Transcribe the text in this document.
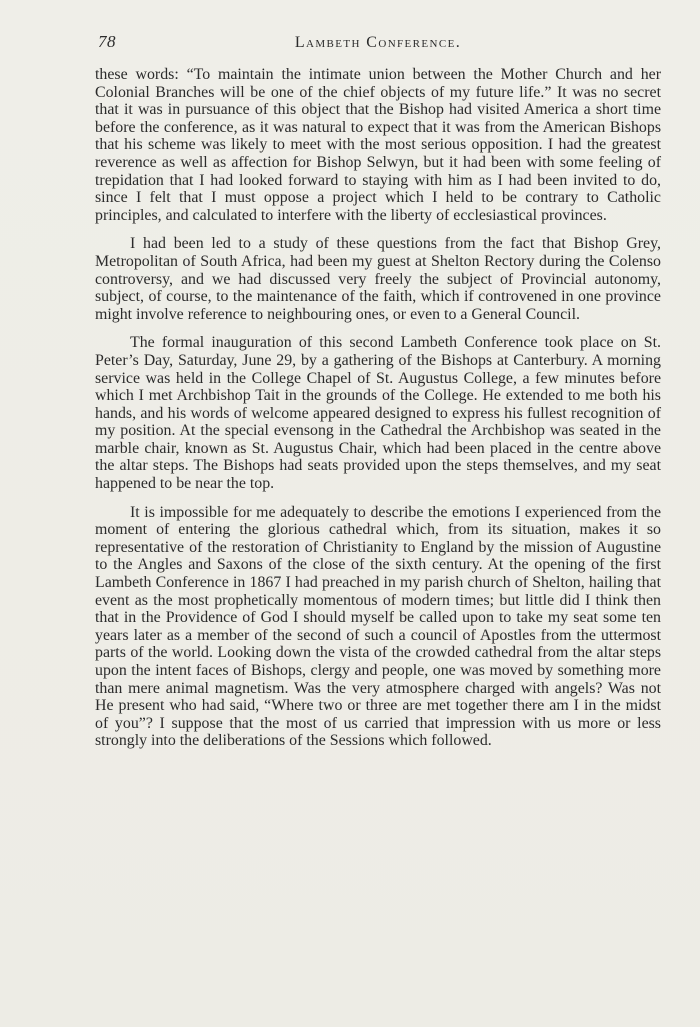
78	Lambeth Conference.

these words: “To maintain the intimate union between the Mother Church and her Colonial Branches will be one of the chief objects of my future life.” It was no secret that it was in pursuance of this object that the Bishop had visited America a short time before the conference, as it was natural to expect that it was from the American Bishops that his scheme was likely to meet with the most serious opposition. I had the greatest reverence as well as affection for Bishop Selwyn, but it had been with some feeling of trepidation that I had looked forward to staying with him as I had been invited to do, since I felt that I must oppose a project which I held to be contrary to Catholic principles, and calculated to interfere with the liberty of ecclesiastical provinces.

I had been led to a study of these questions from the fact that Bishop Grey, Metropolitan of South Africa, had been my guest at Shelton Rectory during the Colenso controversy, and we had discussed very freely the subject of Provincial autonomy, subject, of course, to the maintenance of the faith, which if controvened in one province might involve reference to neighbouring ones, or even to a General Council.

The formal inauguration of this second Lambeth Conference took place on St. Peter’s Day, Saturday, June 29, by a gathering of the Bishops at Canterbury. A morning service was held in the College Chapel of St. Augustus College, a few minutes before which I met Archbishop Tait in the grounds of the College. He extended to me both his hands, and his words of welcome appeared designed to express his fullest recognition of my position. At the special evensong in the Cathedral the Archbishop was seated in the marble chair, known as St. Augustus Chair, which had been placed in the centre above the altar steps. The Bishops had seats provided upon the steps themselves, and my seat happened to be near the top.

It is impossible for me adequately to describe the emotions I experienced from the moment of entering the glorious cathedral which, from its situation, makes it so representative of the restoration of Christianity to England by the mission of Augustine to the Angles and Saxons of the close of the sixth century. At the opening of the first Lambeth Conference in 1867 I had preached in my parish church of Shelton, hailing that event as the most prophetically momentous of modern times; but little did I think then that in the Providence of God I should myself be called upon to take my seat some ten years later as a member of the second of such a council of Apostles from the uttermost parts of the world. Looking down the vista of the crowded cathedral from the altar steps upon the intent faces of Bishops, clergy and people, one was moved by something more than mere animal magnetism. Was the very atmosphere charged with angels? Was not He present who had said, “Where two or three are met together there am I in the midst of you”? I suppose that the most of us carried that impression with us more or less strongly into the deliberations of the Sessions which followed.
